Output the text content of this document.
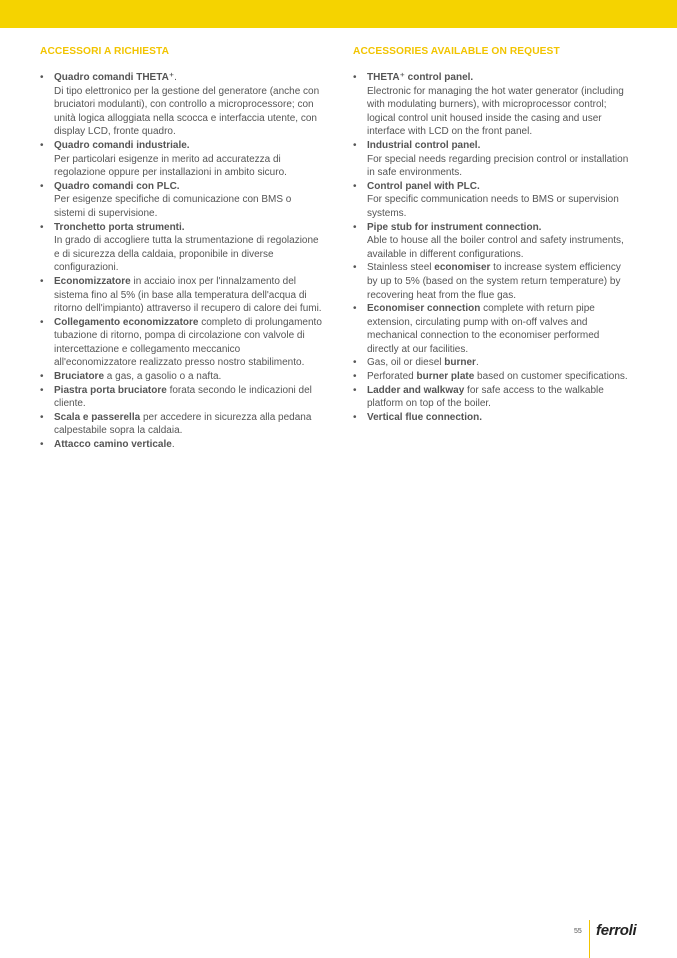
ACCESSORI A RICHIESTA
• Quadro comandi THETA⁺.
Di tipo elettronico per la gestione del generatore (anche con bruciatori modulanti), con controllo a microprocessore; con unità logica alloggiata nella scocca e interfaccia utente, con display LCD, fronte quadro.
• Quadro comandi industriale.
Per particolari esigenze in merito ad accuratezza di regolazione oppure per installazioni in ambito sicuro.
• Quadro comandi con PLC.
Per esigenze specifiche di comunicazione con BMS o sistemi di supervisione.
• Tronchetto porta strumenti.
In grado di accogliere tutta la strumentazione di regolazione e di sicurezza della caldaia, proponibile in diverse configurazioni.
• Economizzatore in acciaio inox per l'innalzamento del sistema fino al 5% (in base alla temperatura dell'acqua di ritorno dell'impianto) attraverso il recupero di calore dei fumi.
• Collegamento economizzatore completo di prolungamento tubazione di ritorno, pompa di circolazione con valvole di intercettazione e collegamento meccanico all'economizzatore realizzato presso nostro stabilimento.
• Bruciatore a gas, a gasolio o a nafta.
• Piastra porta bruciatore forata secondo le indicazioni del cliente.
• Scala e passerella per accedere in sicurezza alla pedana calpestabile sopra la caldaia.
• Attacco camino verticale.
ACCESSORIES AVAILABLE ON REQUEST
• THETA⁺ control panel.
Electronic for managing the hot water generator (including with modulating burners), with microprocessor control; logical control unit housed inside the casing and user interface with LCD on the front panel.
• Industrial control panel.
For special needs regarding precision control or installation in safe environments.
• Control panel with PLC.
For specific communication needs to BMS or supervision systems.
• Pipe stub for instrument connection.
Able to house all the boiler control and safety instruments, available in different configurations.
• Stainless steel economiser to increase system efficiency by up to 5% (based on the system return temperature) by recovering heat from the flue gas.
• Economiser connection complete with return pipe extension, circulating pump with on-off valves and mechanical connection to the economiser performed directly at our facilities.
• Gas, oil or diesel burner.
• Perforated burner plate based on customer specifications.
• Ladder and walkway for safe access to the walkable platform on top of the boiler.
• Vertical flue connection.
55 ferroli
